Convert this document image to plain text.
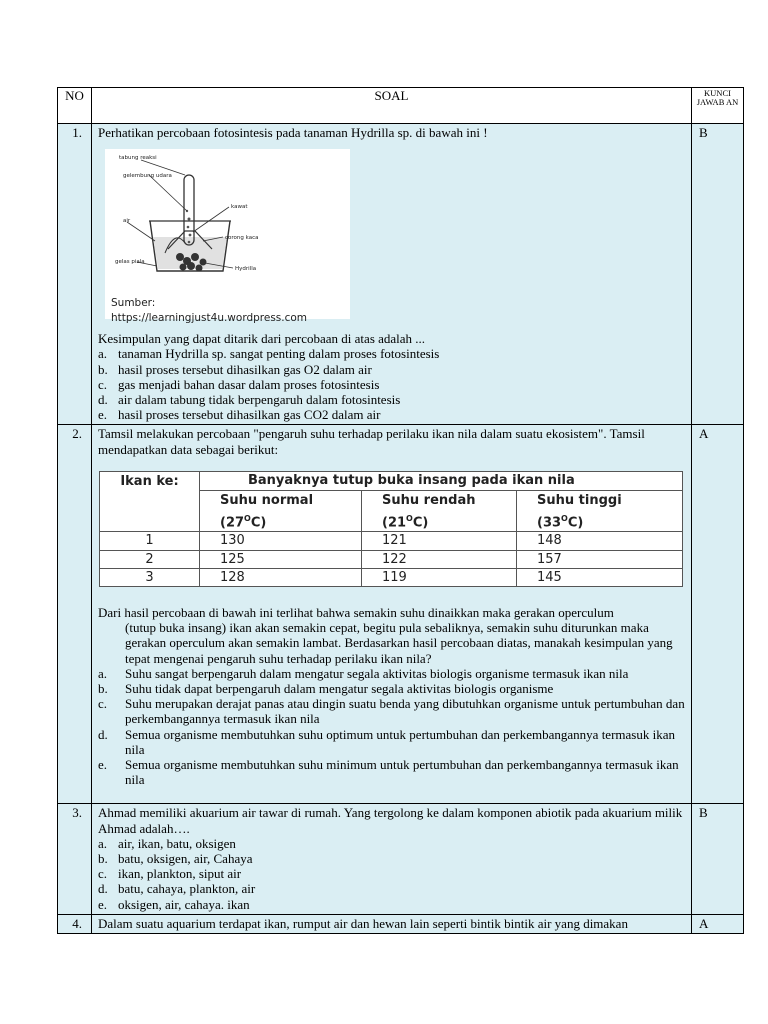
NO	SOAL	KUNCI JAWAB AN
1.	Perhatikan percobaan fotosintesis pada tanaman Hydrilla sp. di bawah ini !
tabung reaksi
gelembung udara
air
gelas piala
kawat
corong kaca
Hydrilla
Sumber: https://learningjust4u.wordpress.com
Kesimpulan yang dapat ditarik dari percobaan di atas adalah ...
a. tanaman Hydrilla sp. sangat penting dalam proses fotosintesis
b. hasil proses tersebut dihasilkan gas O2 dalam air
c. gas menjadi bahan dasar dalam proses fotosintesis
d. air dalam tabung tidak berpengaruh dalam fotosintesis
e. hasil proses tersebut dihasilkan gas CO2 dalam air
	B
2.	Tamsil melakukan percobaan "pengaruh suhu terhadap perilaku ikan nila dalam suatu ekosistem". Tamsil mendapatkan data sebagai berikut:
Ikan ke:	Banyaknya tutup buka insang pada ikan nila
Suhu normal	Suhu rendah	Suhu tinggi
$(27^OC)$	$(21^OC)$	$(33^OC)$
1	130	121	148
2	125	122	157
3	128	119	145
Dari hasil percobaan di bawah ini terlihat bahwa semakin suhu dinaikkan maka gerakan operculum
(tutup buka insang) ikan akan semakin cepat, begitu pula sebaliknya, semakin suhu diturunkan maka gerakan operculum akan semakin lambat. Berdasarkan hasil percobaan diatas, manakah kesimpulan yang tepat mengenai pengaruh suhu terhadap perilaku ikan nila?
a.	Suhu sangat berpengaruh dalam mengatur segala aktivitas biologis organisme termasuk ikan nila
b.	Suhu tidak dapat berpengaruh dalam mengatur segala aktivitas biologis organisme
c.	Suhu merupakan derajat panas atau dingin suatu benda yang dibutuhkan organisme untuk pertumbuhan dan perkembangannya termasuk ikan nila
d.	Semua organisme membutuhkan suhu optimum untuk pertumbuhan dan perkembangannya termasuk ikan nila
e.	Semua organisme membutuhkan suhu minimum untuk pertumbuhan dan perkembangannya termasuk ikan nila
	A
3.	Ahmad memiliki akuarium air tawar di rumah. Yang tergolong ke dalam komponen abiotik pada akuarium milik Ahmad adalah….
a. air, ikan, batu, oksigen
b. batu, oksigen, air, Cahaya
c. ikan, plankton, siput air
d. batu, cahaya, plankton, air
e. oksigen, air, cahaya. ikan
	B
4.	Dalam suatu aquarium terdapat ikan, rumput air dan hewan lain seperti bintik bintik air yang dimakan	A
